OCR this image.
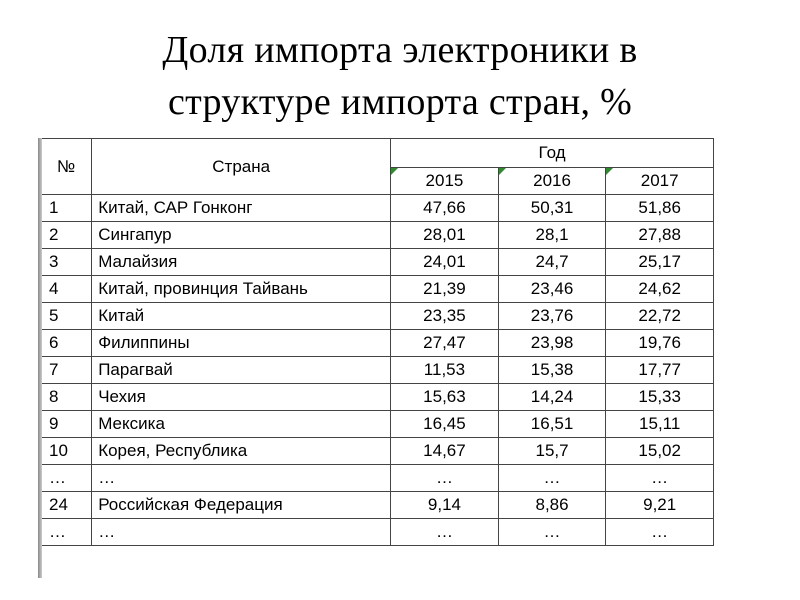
Доля импорта электроники в
структуре импорта стран, %
№	Страна	Год		

2015	2016	2017
1	Китай, САР Гонконг	47,66	50,31	51,86
2	Сингапур	28,01	28,1	27,88
3	Малайзия	24,01	24,7	25,17
4	Китай, провинция Тайвань	21,39	23,46	24,62
5	Китай	23,35	23,76	22,72
6	Филиппины	27,47	23,98	19,76
7	Парагвай	11,53	15,38	17,77
8	Чехия	15,63	14,24	15,33
9	Мексика	16,45	16,51	15,11
10	Корея, Республика	14,67	15,7	15,02
…	…	…	…	…
24	Российская Федерация	9,14	8,86	9,21
…	…	…	…	…
